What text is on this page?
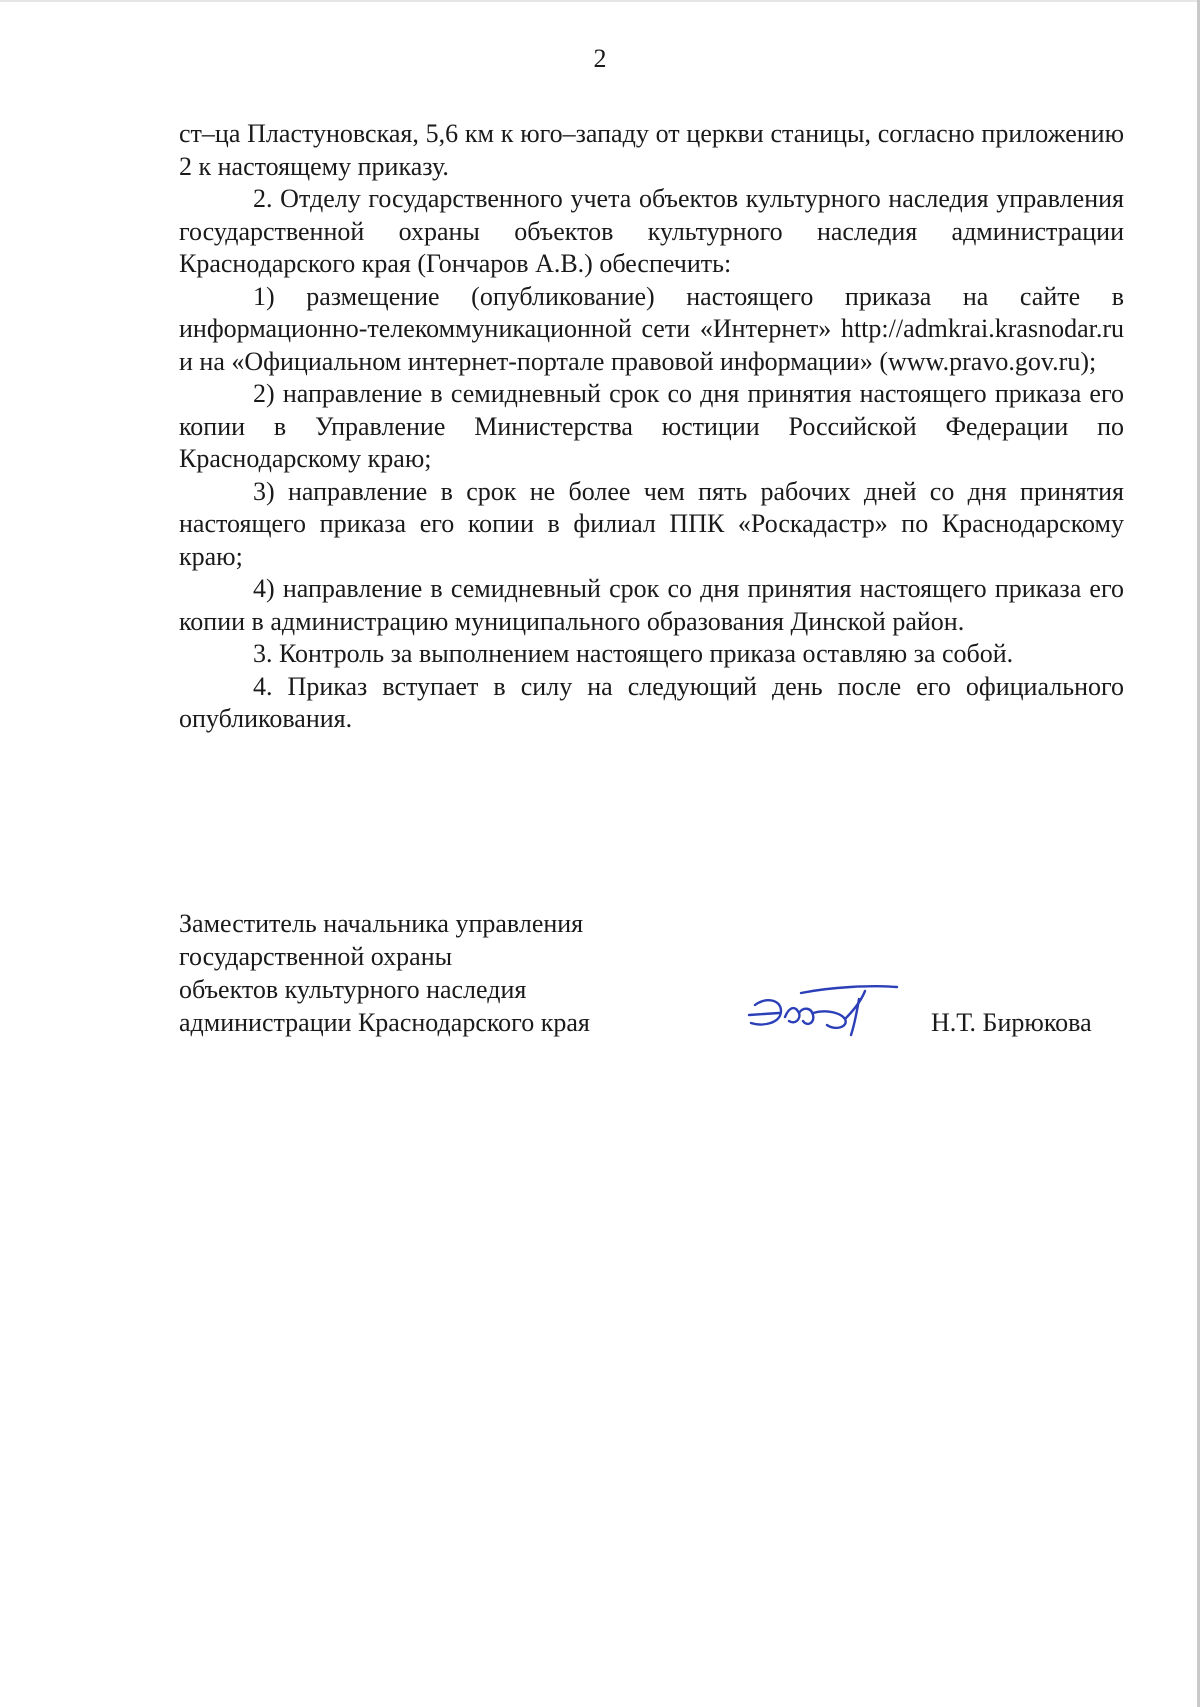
2

ст–ца Пластуновская, 5,6 км к юго–западу от церкви станицы, согласно приложению 2 к настоящему приказу.

2. Отделу государственного учета объектов культурного наследия управления государственной охраны объектов культурного наследия администрации Краснодарского края (Гончаров А.В.) обеспечить:

1) размещение (опубликование) настоящего приказа на сайте в информационно-телекоммуникационной сети «Интернет» http://admkrai.krasnodar.ru и на «Официальном интернет-портале правовой информации» (www.pravo.gov.ru);

2) направление в семидневный срок со дня принятия настоящего приказа его копии в Управление Министерства юстиции Российской Федерации по Краснодарскому краю;

3) направление в срок не более чем пять рабочих дней со дня принятия настоящего приказа его копии в филиал ППК «Роскадастр» по Краснодарскому краю;

4) направление в семидневный срок со дня принятия настоящего приказа его копии в администрацию муниципального образования Динской район.

3. Контроль за выполнением настоящего приказа оставляю за собой.

4. Приказ вступает в силу на следующий день после его официального опубликования.

Заместитель начальника управления
государственной охраны
объектов культурного наследия
администрации Краснодарского края	Н.Т. Бирюкова
